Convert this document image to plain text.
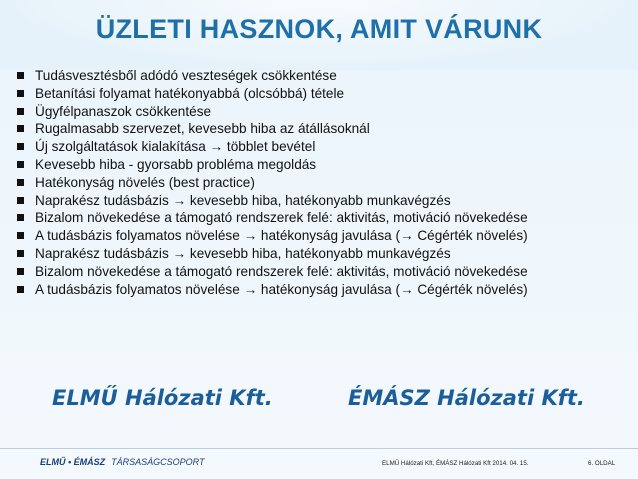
ÜZLETI HASZNOK, AMIT VÁRUNK
Tudásvesztésből adódó veszteségek csökkentése
Betanítási folyamat hatékonyabbá (olcsóbbá) tétele
Ügyfélpanaszok csökkentése
Rugalmasabb szervezet, kevesebb hiba az átállásoknál
Új szolgáltatások kialakítása → többlet bevétel
Kevesebb hiba - gyorsabb probléma megoldás
Hatékonyság növelés (best practice)
Naprakész tudásbázis → kevesebb hiba, hatékonyabb munkavégzés
Bizalom növekedése a támogató rendszerek felé: aktivitás, motiváció növekedése
A tudásbázis folyamatos növelése → hatékonyság javulása (→ Cégérték növelés)
Naprakész tudásbázis → kevesebb hiba, hatékonyabb munkavégzés
Bizalom növekedése a támogató rendszerek felé: aktivitás, motiváció növekedése
A tudásbázis folyamatos növelése → hatékonyság javulása (→ Cégérték növelés)
ELMŰ Hálózati Kft.	ÉMÁSZ Hálózati Kft.
ELMŰ • ÉMÁSZ TÁRSASÁGCSOPORT	ELMŰ Hálózati Kft, ÉMÁSZ Hálózati Kft 2014. 04. 15.	6. OLDAL
